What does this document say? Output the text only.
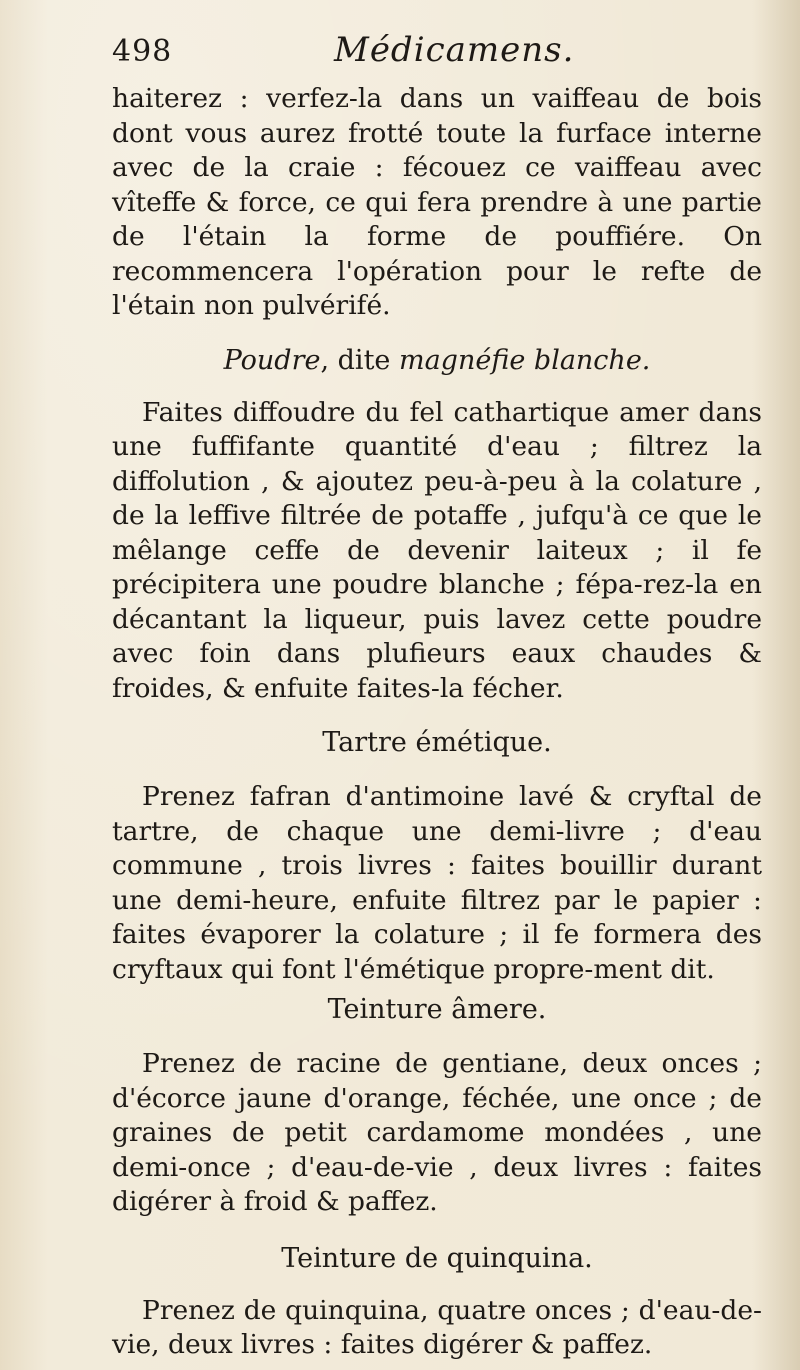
498	Médicamens.

haiterez : verfez-la dans un vaiffeau de bois dont vous aurez frotté toute la furface interne avec de la craie : fécouez ce vaiffeau avec vîteffe & force, ce qui fera prendre à une partie de l'étain la forme de pouffiére. On recommencera l'opération pour le refte de l'étain non pulvérifé.

Poudre, dite magnéfie blanche.

Faites diffoudre du fel cathartique amer dans une fuffifante quantité d'eau ; filtrez la diffolution , & ajoutez peu-à-peu à la colature , de la leffive filtrée de potaffe , jufqu'à ce que le mêlange ceffe de devenir laiteux ; il fe précipitera une poudre blanche ; fépa-rez-la en décantant la liqueur, puis lavez cette poudre avec foin dans plufieurs eaux chaudes & froides, & enfuite faites-la fécher.

Tartre émétique.

Prenez fafran d'antimoine lavé & cryftal de tartre, de chaque une demi-livre ; d'eau commune , trois livres : faites bouillir durant une demi-heure, enfuite filtrez par le papier : faites évaporer la colature ; il fe formera des cryftaux qui font l'émétique propre-ment dit.

Teinture âmere.

Prenez de racine de gentiane, deux onces ; d'écorce jaune d'orange, féchée, une once ; de graines de petit cardamome mondées , une demi-once ; d'eau-de-vie , deux livres : faites digérer à froid & paffez.

Teinture de quinquina.

Prenez de quinquina, quatre onces ; d'eau-de-vie, deux livres : faites digérer & paffez.
